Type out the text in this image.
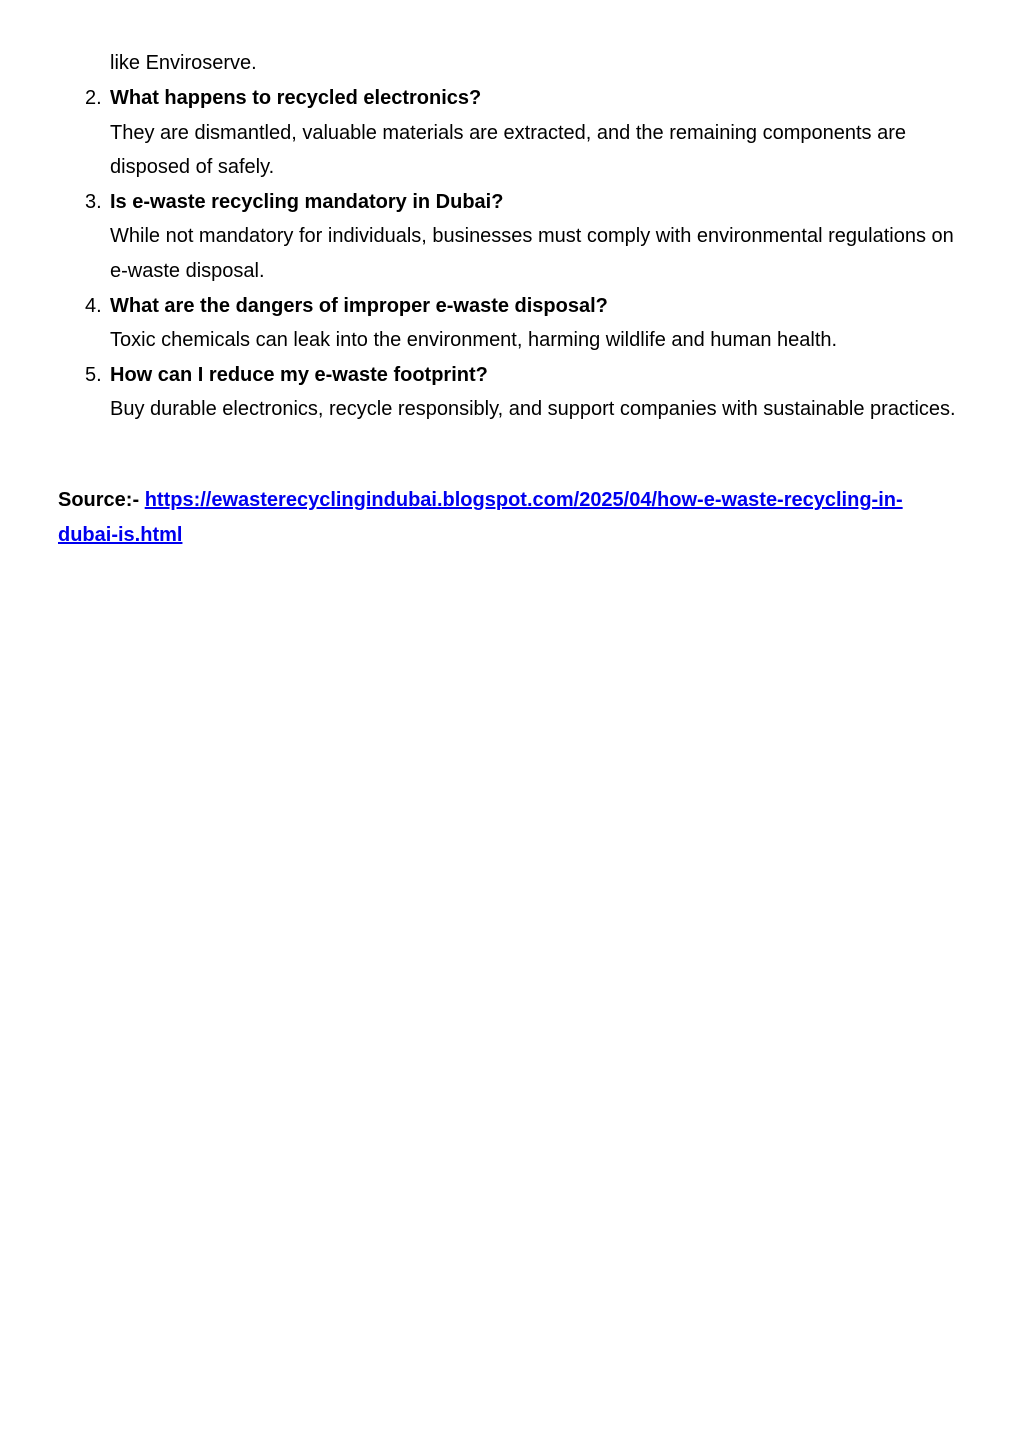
like Enviroserve.
2. What happens to recycled electronics?
They are dismantled, valuable materials are extracted, and the remaining components are disposed of safely.
3. Is e-waste recycling mandatory in Dubai?
While not mandatory for individuals, businesses must comply with environmental regulations on e-waste disposal.
4. What are the dangers of improper e-waste disposal?
Toxic chemicals can leak into the environment, harming wildlife and human health.
5. How can I reduce my e-waste footprint?
Buy durable electronics, recycle responsibly, and support companies with sustainable practices.
Source:- https://ewasterecyclingindubai.blogspot.com/2025/04/how-e-waste-recycling-in-dubai-is.html
